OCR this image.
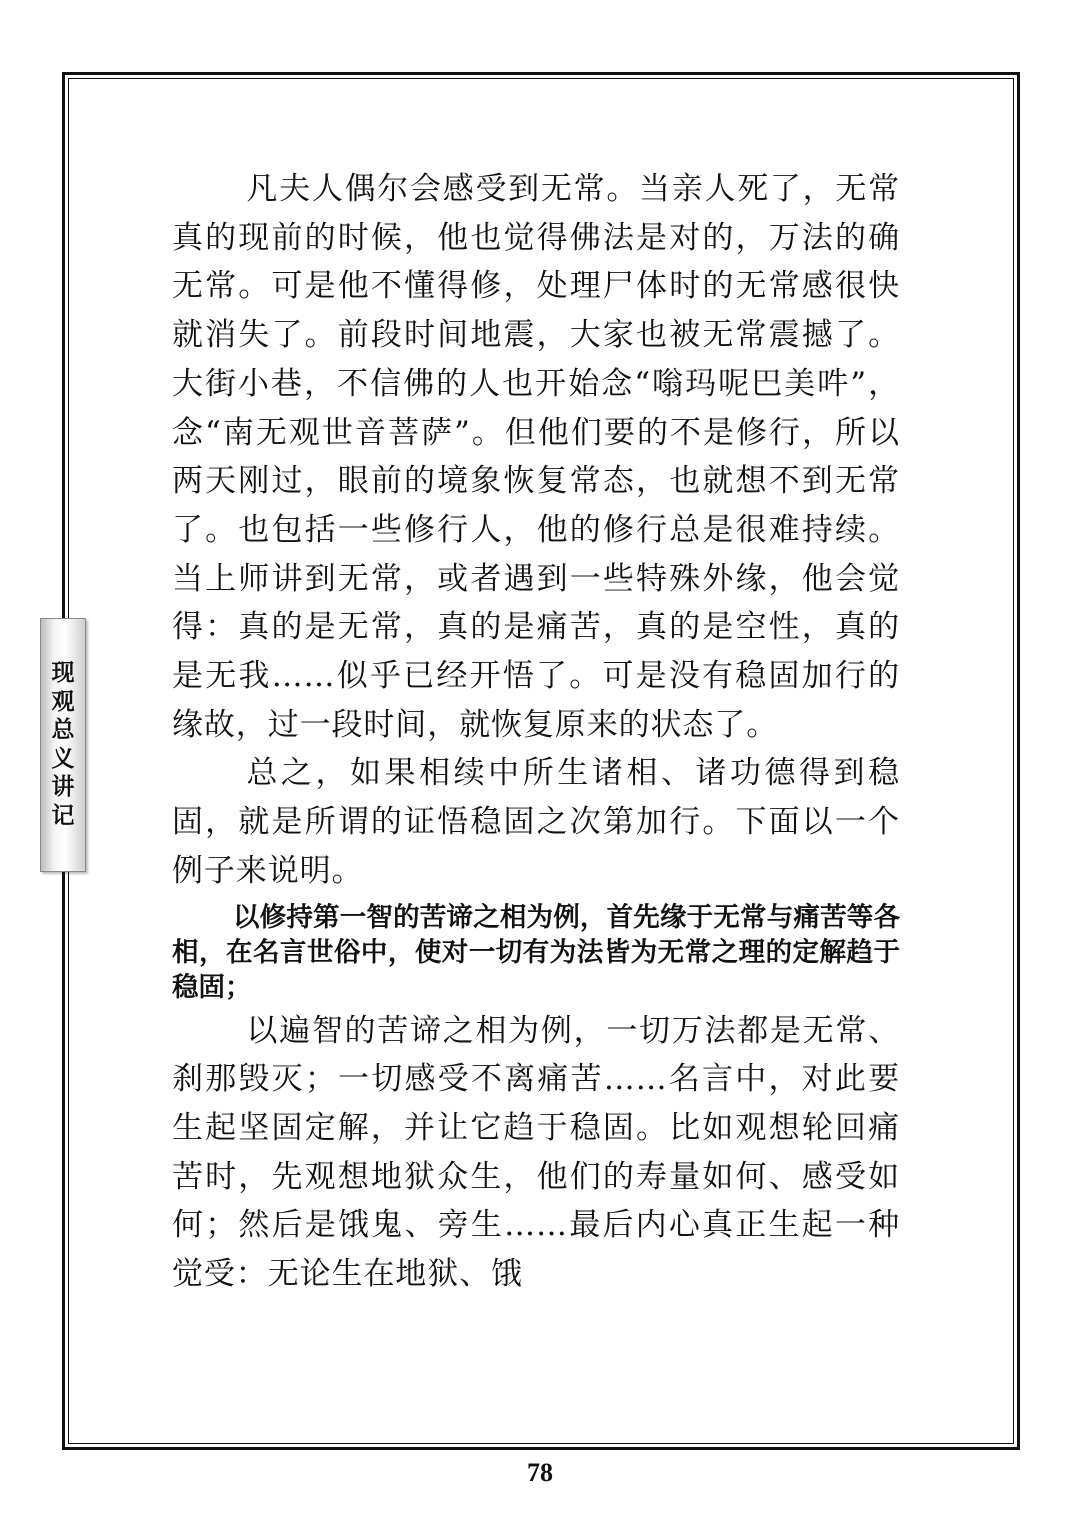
现观总义讲记

凡夫人偶尔会感受到无常。当亲人死了，无常真的现前的时候，他也觉得佛法是对的，万法的确无常。可是他不懂得修，处理尸体时的无常感很快就消失了。前段时间地震，大家也被无常震撼了。大街小巷，不信佛的人也开始念“嗡玛呢巴美吽”，念“南无观世音菩萨”。但他们要的不是修行，所以两天刚过，眼前的境象恢复常态，也就想不到无常了。也包括一些修行人，他的修行总是很难持续。当上师讲到无常，或者遇到一些特殊外缘，他会觉得：真的是无常，真的是痛苦，真的是空性，真的是无我……似乎已经开悟了。可是没有稳固加行的缘故，过一段时间，就恢复原来的状态了。

总之，如果相续中所生诸相、诸功德得到稳固，就是所谓的证悟稳固之次第加行。下面以一个例子来说明。

以修持第一智的苦谛之相为例，首先缘于无常与痛苦等各相，在名言世俗中，使对一切有为法皆为无常之理的定解趋于稳固；

以遍智的苦谛之相为例，一切万法都是无常、刹那毁灭；一切感受不离痛苦……名言中，对此要生起坚固定解，并让它趋于稳固。比如观想轮回痛苦时，先观想地狱众生，他们的寿量如何、感受如何；然后是饿鬼、旁生……最后内心真正生起一种觉受：无论生在地狱、饿

78
